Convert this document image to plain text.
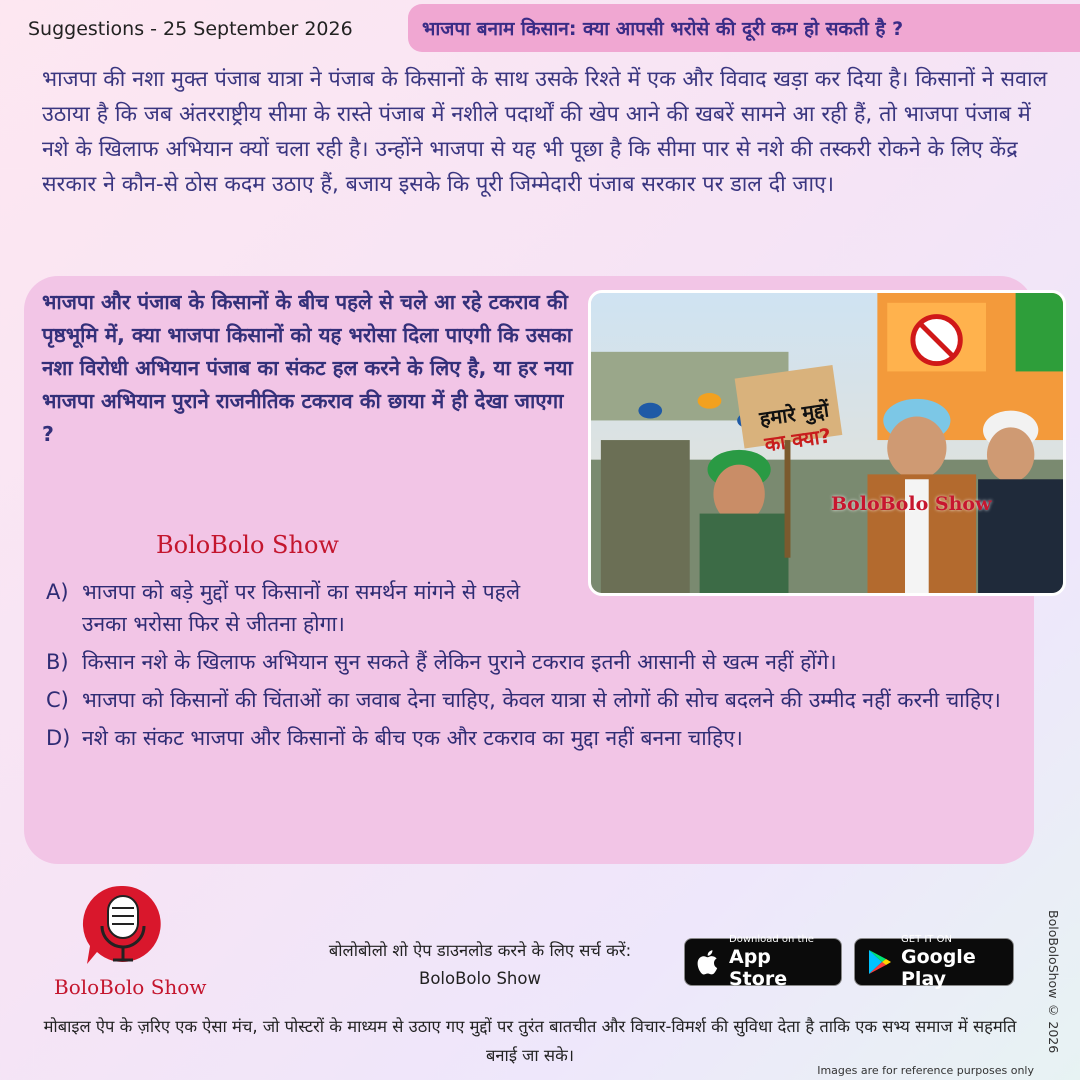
Suggestions - 25 September 2026	भाजपा बनाम किसान: क्या आपसी भरोसे की दूरी कम हो सकती है ?

भाजपा की नशा मुक्त पंजाब यात्रा ने पंजाब के किसानों के साथ उसके रिश्ते में एक और विवाद खड़ा कर दिया है। किसानों ने सवाल उठाया है कि जब अंतरराष्ट्रीय सीमा के रास्ते पंजाब में नशीले पदार्थों की खेप आने की खबरें सामने आ रही हैं, तो भाजपा पंजाब में नशे के खिलाफ अभियान क्यों चला रही है। उन्होंने भाजपा से यह भी पूछा है कि सीमा पार से नशे की तस्करी रोकने के लिए केंद्र सरकार ने कौन-से ठोस कदम उठाए हैं, बजाय इसके कि पूरी जिम्मेदारी पंजाब सरकार पर डाल दी जाए।

भाजपा और पंजाब के किसानों के बीच पहले से चले आ रहे टकराव की पृष्ठभूमि में, क्या भाजपा किसानों को यह भरोसा दिला पाएगी कि उसका नशा विरोधी अभियान पंजाब का संकट हल करने के लिए है, या हर नया भाजपा अभियान पुराने राजनीतिक टकराव की छाया में ही देखा जाएगा ?

हमारे मुद्दों
का क्या?
BoloBolo Show
BoloBolo Show
A) भाजपा को बड़े मुद्दों पर किसानों का समर्थन मांगने से पहले उनका भरोसा फिर से जीतना होगा।
B) किसान नशे के खिलाफ अभियान सुन सकते हैं लेकिन पुराने टकराव इतनी आसानी से खत्म नहीं होंगे।
C) भाजपा को किसानों की चिंताओं का जवाब देना चाहिए, केवल यात्रा से लोगों की सोच बदलने की उम्मीद नहीं करनी चाहिए।
D) नशे का संकट भाजपा और किसानों के बीच एक और टकराव का मुद्दा नहीं बनना चाहिए।
BoloBolo Show
बोलोबोलो शो ऐप डाउनलोड करने के लिए सर्च करें:
BoloBolo Show
Download on the
App Store
GET IT ON
Google Play

मोबाइल ऐप के ज़रिए एक ऐसा मंच, जो पोस्टरों के माध्यम से उठाए गए मुद्दों पर तुरंत बातचीत और विचार-विमर्श की सुविधा देता है ताकि एक सभ्य समाज में सहमति बनाई जा सके।

Images are for reference purposes only
BoloBoloShow © 2026
